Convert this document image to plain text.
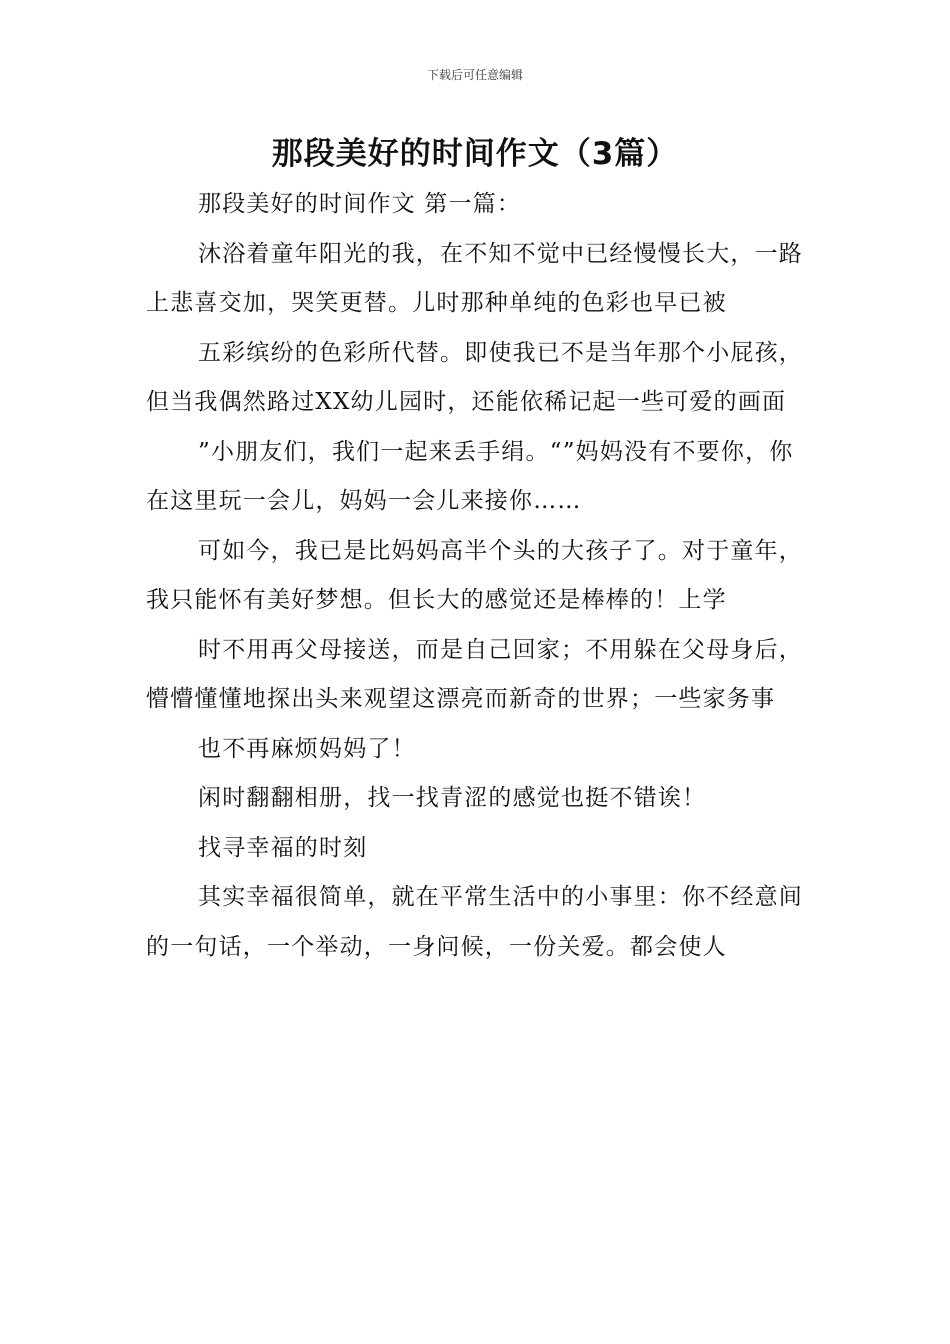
下载后可任意编辑
那段美好的时间作文（3篇）

那段美好的时间作文 第一篇：

沐浴着童年阳光的我，在不知不觉中已经慢慢长大，一路上悲喜交加，哭笑更替。儿时那种单纯的色彩也早已被

五彩缤纷的色彩所代替。即使我已不是当年那个小屁孩，但当我偶然路过XX幼儿园时，还能依稀记起一些可爱的画面

”小朋友们，我们一起来丢手绢。“”妈妈没有不要你，你在这里玩一会儿，妈妈一会儿来接你……

可如今，我已是比妈妈高半个头的大孩子了。对于童年，我只能怀有美好梦想。但长大的感觉还是棒棒的！上学

时不用再父母接送，而是自己回家；不用躲在父母身后，懵懵懂懂地探出头来观望这漂亮而新奇的世界；一些家务事

也不再麻烦妈妈了！

闲时翻翻相册，找一找青涩的感觉也挺不错诶！

找寻幸福的时刻

其实幸福很简单，就在平常生活中的小事里：你不经意间的一句话，一个举动，一身问候，一份关爱。都会使人
